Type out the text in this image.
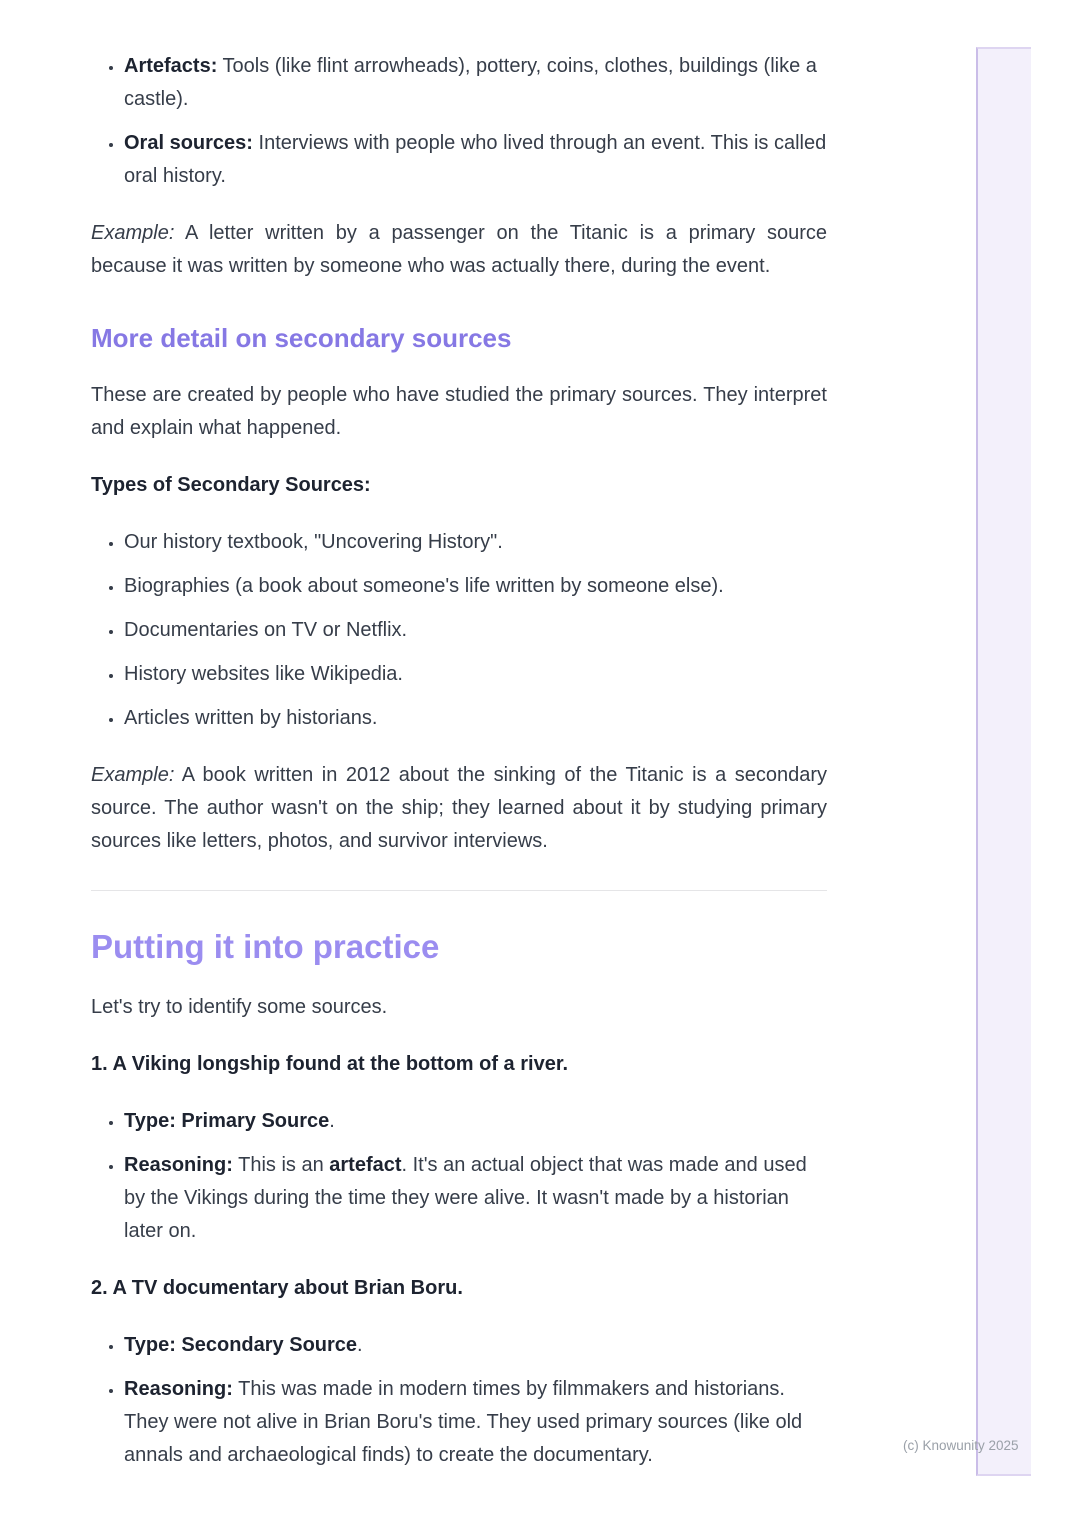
• Artefacts: Tools (like flint arrowheads), pottery, coins, clothes, buildings (like a castle).
• Oral sources: Interviews with people who lived through an event. This is called oral history.

Example: A letter written by a passenger on the Titanic is a primary source because it was written by someone who was actually there, during the event.

More detail on secondary sources

These are created by people who have studied the primary sources. They interpret and explain what happened.

Types of Secondary Sources:

• Our history textbook, "Uncovering History".
• Biographies (a book about someone's life written by someone else).
• Documentaries on TV or Netflix.
• History websites like Wikipedia.
• Articles written by historians.

Example: A book written in 2012 about the sinking of the Titanic is a secondary source. The author wasn't on the ship; they learned about it by studying primary sources like letters, photos, and survivor interviews.

Putting it into practice

Let's try to identify some sources.

1. A Viking longship found at the bottom of a river.

• Type: Primary Source.
• Reasoning: This is an artefact. It's an actual object that was made and used by the Vikings during the time they were alive. It wasn't made by a historian later on.

2. A TV documentary about Brian Boru.

• Type: Secondary Source.
• Reasoning: This was made in modern times by filmmakers and historians. They were not alive in Brian Boru's time. They used primary sources (like old annals and archaeological finds) to create the documentary.	(c) Knowunity 2025
